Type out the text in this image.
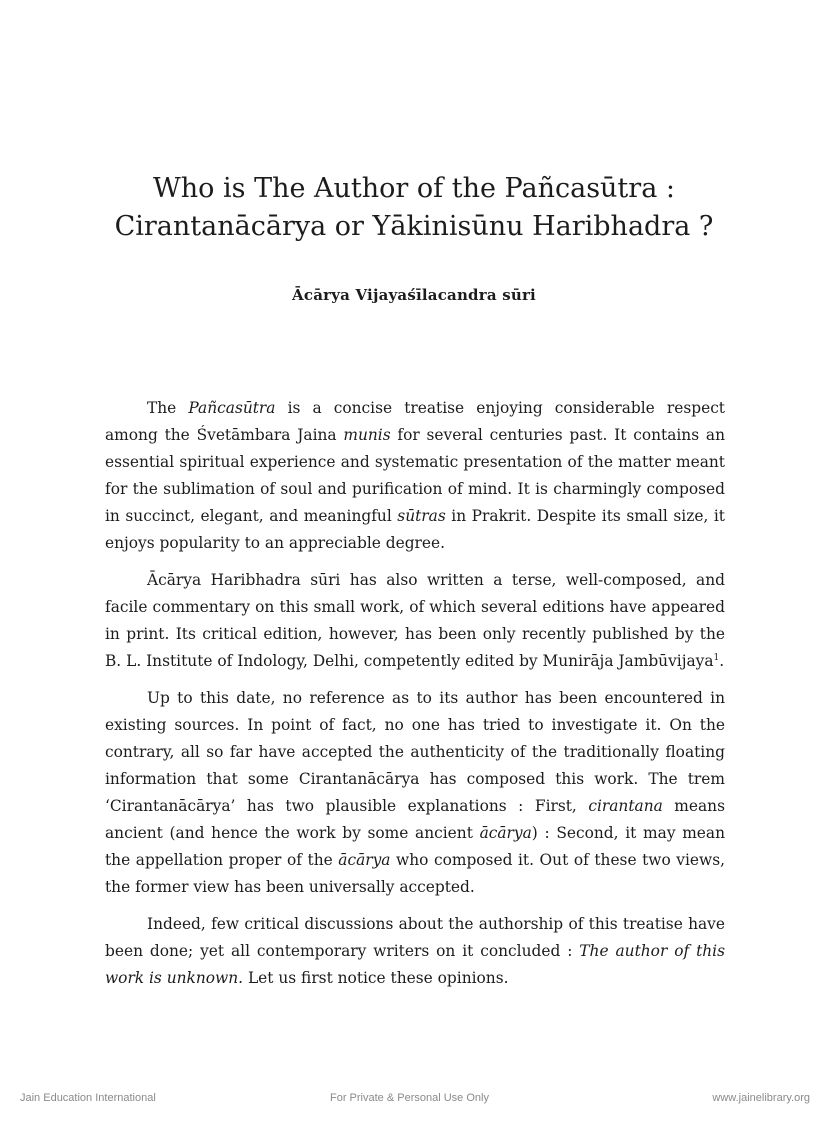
Who is The Author of the Pañcasūtra :
Cirantanācārya or Yākinisūnu Haribhadra ?
Ācārya Vijayaśīlacandra sūri

The Pañcasūtra is a concise treatise enjoying considerable respect among the Śvetāmbara Jaina munis for several centuries past. It contains an essential spiritual experience and systematic presentation of the matter meant for the sublimation of soul and purification of mind. It is charmingly composed in succinct, elegant, and meaningful sūtras in Prakrit. Despite its small size, it enjoys popularity to an appreciable degree.

Ācārya Haribhadra sūri has also written a terse, well-composed, and facile commentary on this small work, of which several editions have appeared in print. Its critical edition, however, has been only recently published by the B. L. Institute of Indology, Delhi, competently edited by Munirāja Jambūvijaya$^1$.

Up to this date, no reference as to its author has been encountered in existing sources. In point of fact, no one has tried to investigate it. On the contrary, all so far have accepted the authenticity of the traditionally floating information that some Cirantanācārya has composed this work. The trem ‘Cirantanācārya’ has two plausible explanations : First, cirantana means ancient (and hence the work by some ancient ācārya) : Second, it may mean the appellation proper of the ācārya who composed it. Out of these two views, the former view has been universally accepted.

Indeed, few critical discussions about the authorship of this treatise have been done; yet all contemporary writers on it concluded : The author of this work is unknown. Let us first notice these opinions.

Jain Education International	For Private & Personal Use Only	www.jainelibrary.org
